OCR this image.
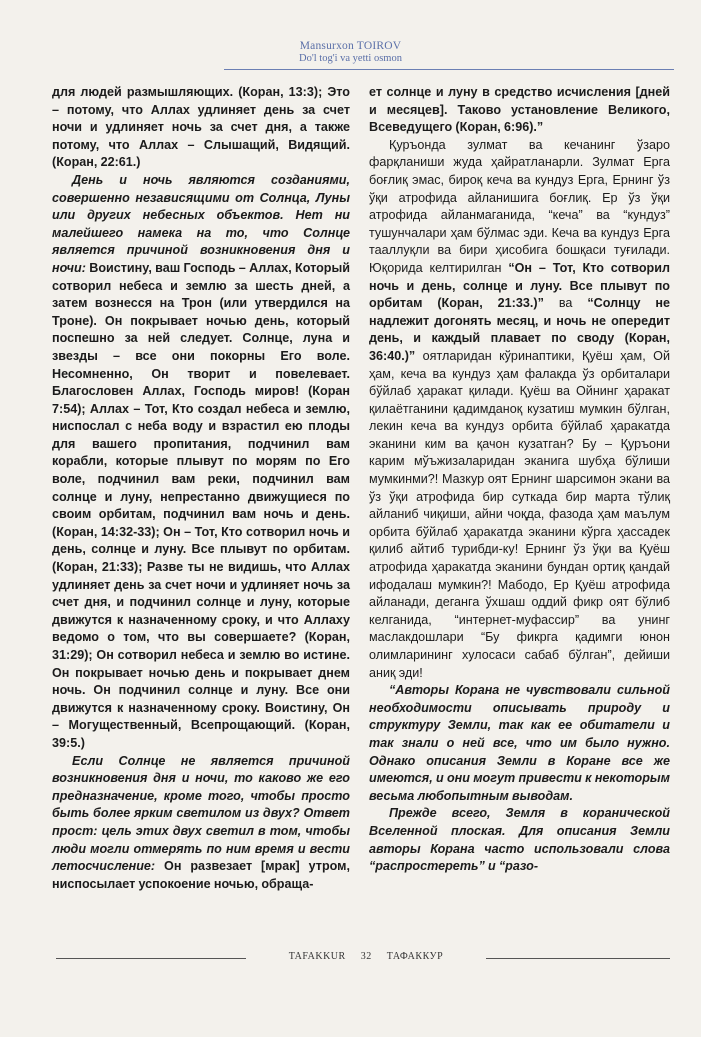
Mansurxon TOIROV
Do'l tog'i va yetti osmon

для людей размышляющих. (Коран, 13:3); Это – потому, что Аллах удлиняет день за счет ночи и удлиняет ночь за счет дня, а также потому, что Аллах – Слышащий, Видящий. (Коран, 22:61.)

День и ночь являются созданиями, совершенно независящими от Солнца, Луны или других небесных объектов. Нет ни малейшего намека на то, что Солнце является причиной возникновения дня и ночи: Воистину, ваш Господь – Аллах, Который сотворил небеса и землю за шесть дней, а затем вознесся на Трон (или утвердился на Троне). Он покрывает ночью день, который поспешно за ней следует. Солнце, луна и звезды – все они покорны Его воле. Несомненно, Он творит и повелевает. Благословен Аллах, Господь миров! (Коран 7:54); Аллах – Тот, Кто создал небеса и землю, ниспослал с неба воду и взрастил ею плоды для вашего пропитания, подчинил вам корабли, которые плывут по морям по Его воле, подчинил вам реки, подчинил вам солнце и луну, непрестанно движущиеся по своим орбитам, подчинил вам ночь и день. (Коран, 14:32-33); Он – Тот, Кто сотворил ночь и день, солнце и луну. Все плывут по орбитам. (Коран, 21:33); Разве ты не видишь, что Аллах удлиняет день за счет ночи и удлиняет ночь за счет дня, и подчинил солнце и луну, которые движутся к назначенному сроку, и что Аллаху ведомо о том, что вы совершаете? (Коран, 31:29); Он сотворил небеса и землю во истине. Он покрывает ночью день и покрывает днем ночь. Он подчинил солнце и луну. Все они движутся к назначенному сроку. Воистину, Он – Могущественный, Всепрощающий. (Коран, 39:5.)

Если Солнце не является причиной возникновения дня и ночи, то каково же его предназначение, кроме того, чтобы просто быть более ярким светилом из двух? Ответ прост: цель этих двух светил в том, чтобы люди могли отмерять по ним время и вести летосчисление: Он развезает [мрак] утром, ниспосылает успокоение ночью, обраща-

ет солнце и луну в средство исчисления [дней и месяцев]. Таково установление Великого, Всеведущего (Коран, 6:96).”

Қуръонда зулмат ва кечанинг ўзаро фарқланиши жуда ҳайратланарли. Зулмат Ерга боғлиқ эмас, бироқ кеча ва кундуз Ерга, Ернинг ўз ўқи атрофида айланишига боғлиқ. Ер ўз ўқи атрофида айланмаганида, “кеча” ва “кундуз” тушунчалари ҳам бўлмас эди. Кеча ва кундуз Ерга тааллуқли ва бири ҳисобига бошқаси туғилади. Юқорида келтирилган “Он – Тот, Кто сотворил ночь и день, солнце и луну. Все плывут по орбитам (Коран, 21:33.)” ва “Солнцу не надлежит догонять месяц, и ночь не опередит день, и каждый плавает по своду (Коран, 36:40.)” оятларидан кўринаптики, Қуёш ҳам, Ой ҳам, кеча ва кундуз ҳам фалакда ўз орбиталари бўйлаб ҳаракат қилади. Қуёш ва Ойнинг ҳаракат қилаётганини қадимданоқ кузатиш мумкин бўлган, лекин кеча ва кундуз орбита бўйлаб ҳаракатда эканини ким ва қачон кузатган? Бу – Қуръони карим мўъжизаларидан эканига шубҳа бўлиши мумкинми?! Мазкур оят Ернинг шарсимон экани ва ўз ўқи атрофида бир суткада бир марта тўлиқ айланиб чиқиши, айни чоқда, фазода ҳам маълум орбита бўйлаб ҳаракатда эканини кўрга ҳассадек қилиб айтиб турибди-ку! Ернинг ўз ўқи ва Қуёш атрофида ҳаракатда эканини бундан ортиқ қандай ифодалаш мумкин?! Мабодо, Ер Қуёш атрофида айланади, деганга ўхшаш оддий фикр оят бўлиб келганида, “интернет-муфассир” ва унинг маслакдошлари “Бу фикрга қадимги юнон олимларининг хулосаси сабаб бўлган”, дейиши аниқ эди!

“Авторы Корана не чувствовали сильной необходимости описывать природу и структуру Земли, так как ее обитатели и так знали о ней все, что им было нужно. Однако описания Земли в Коране все же имеются, и они могут привести к некоторым весьма любопытным выводам.

Прежде всего, Земля в кораничеcкой Вселенной плоская. Для описания Земли авторы Корана часто использовали слова “распростереть” и “разо-

TAFAKKUR 32 ТАФАККУР
